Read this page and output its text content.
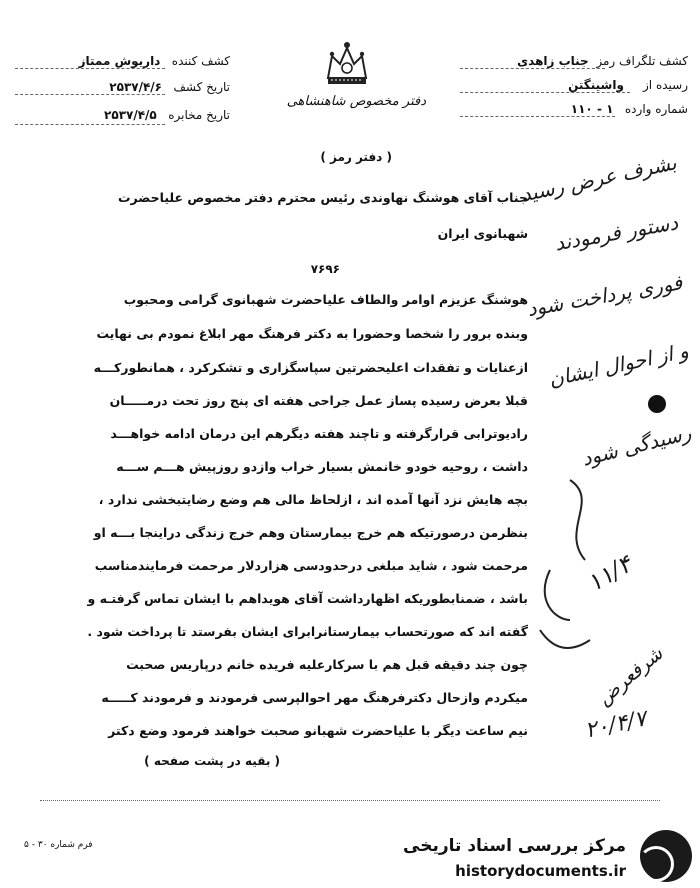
کشف تلگراف رمز  جناب زاهدی
رسیده از     واشینگتن
شماره وارده   ۱ - ۱۱۰
کشف کننده   داریوش ممتاز
تاریخ کشف   ۲۵۳۷/۴/۶
تاریخ مخابره   ۲۵۳۷/۴/۵
دفتر مخصوص شاهنشاهی
( دفتر رمز )
جناب آقای هوشنگ نهاوندی رئیس محترم دفتر مخصوص علیاحضرت
شهبانوی ایران
۷۶۹۶
هوشنگ عزیزم اوامر والطاف علیاحضرت شهبانوی گرامی ومحبوب
وبنده برور را شخصا وحضورا به دکتر فرهنگ مهر ابلاغ نمودم بی نهایت
ازعنایات و تفقدات اعلیحضرتین سپاسگزاری و تشکرکرد ، همانطورکـــه
قبلا بعرض رسیده پساز عمل جراحی هفته ای پنج روز تحت درمـــــان
رادیوترابی قرارگرفته و تاچند هفته دیگرهم این درمان ادامه خواهـــد
داشت ، روحیه خودو خانمش بسیار خراب وازدو روزپیش هـــم ســـه
بچه هایش نزد آنها آمده اند ، ازلحاظ مالی هم وضع رضایتبخشی ندارد ،
بنظرمن درصورتیکه هم خرج بیمارستان وهم خرج زندگی دراینجا بـــه او
مرحمت شود ، شاید مبلغی درحدودسی هزاردلار مرحمت فرمایندمناسب
باشد ، ضمنابطوریکه اظهارداشت آقای هویداهم با ایشان تماس گرفتـه و
گفته اند که صورتحساب بیمارستانرابرای ایشان بفرستد تا پرداخت شود .
چون چند دقیقه قبل هم با سرکارعلیه فریده خانم درپاریس صحبت
میکردم وازحال دکترفرهنگ مهر احوالپرسی فرمودند و فرمودند کـــــه
نیم ساعت دیگر با علیاحضرت شهبانو صحبت خواهند فرمود وضع دکتر
( بقیه در پشت صفحه )
بشرف عرض رسید
دستور فرمودند
فوری پرداخت شود
و از احوال ایشان
رسیدگی شود
شرفعرض
۱۱/۴
۲۰/۴/۷
فرم شماره ۳۰ - ۵	مرکز بررسی اسناد تاریخی
historydocuments.ir
